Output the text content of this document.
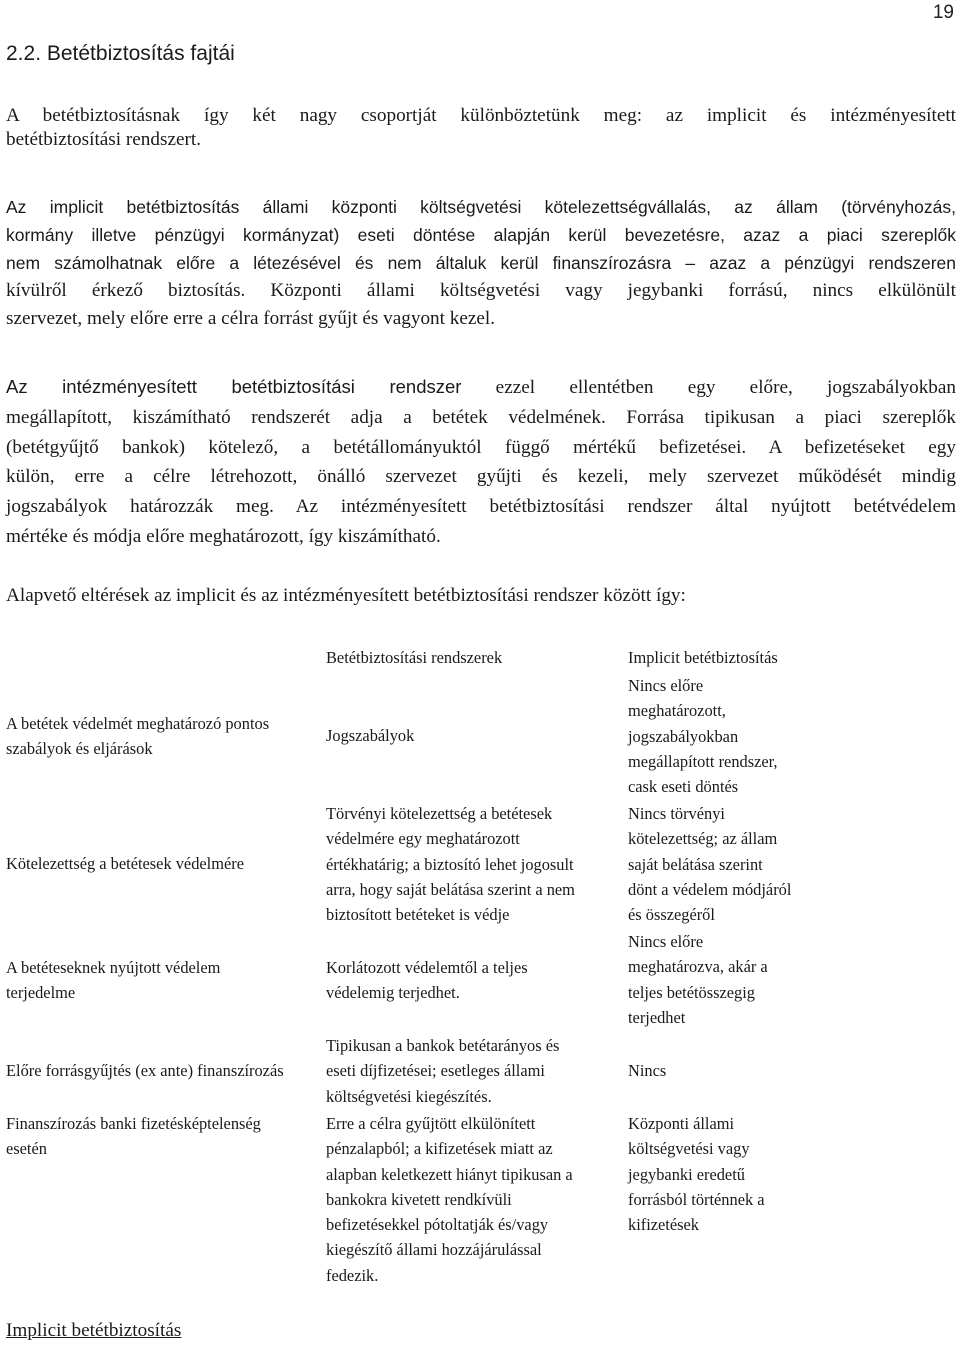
19
2.2. Betétbiztosítás fajtái
A betétbiztosításnak így két nagy csoportját különböztetünk meg: az implicit és intézményesített
betétbiztosítási rendszert.
Az implicit betétbiztosítás állami központi költségvetési kötelezettségvállalás, az állam (törvényhozás,
kormány illetve pénzügyi kormányzat) eseti döntése alapján kerül bevezetésre, azaz a piaci szereplők
nem számolhatnak előre a létezésével és nem általuk kerül finanszírozásra – azaz a pénzügyi rendszeren
kívülről érkező biztosítás. Központi állami költségvetési vagy jegybanki forrású, nincs elkülönült
szervezet, mely előre erre a célra forrást gyűjt és vagyont kezel.
Az intézményesített betétbiztosítási rendszer ezzel ellentétben egy előre, jogszabályokban
megállapított, kiszámítható rendszerét adja a betétek védelmének. Forrása tipikusan a piaci szereplők
(betétgyűjtő bankok) kötelező, a betétállományuktól függő mértékű befizetései. A befizetéseket egy
külön, erre a célre létrehozott, önálló szervezet gyűjti és kezeli, mely szervezet működését mindig
jogszabályok határozzák meg. Az intézményesített betétbiztosítási rendszer által nyújtott betétvédelem
mértéke és módja előre meghatározott, így kiszámítható.
Alapvető eltérések az implicit és az intézményesített betétbiztosítási rendszer között így:
Betétbiztosítási rendszerek	Implicit betétbiztosítás
A betétek védelmét meghatározó pontos
szabályok és eljárások
Jogszabályok
Nincs előre
meghatározott,
jogszabályokban
megállapított rendszer,
cask eseti döntés
Kötelezettség a betétesek védelmére
Törvényi kötelezettség a betétesek
védelmére egy meghatározott
értékhatárig; a biztosító lehet jogosult
arra, hogy saját belátása szerint a nem
biztosított betéteket is védje
Nincs törvényi
kötelezettség; az állam
saját belátása szerint
dönt a védelem módjáról
és összegéről
A betéteseknek nyújtott védelem
terjedelme
Korlátozott védelemtől a teljes
védelemig terjedhet.
Nincs előre
meghatározva, akár a
teljes betétösszegig
terjedhet
Előre forrásgyűjtés (ex ante) finanszírozás
Tipikusan a bankok betétarányos és
eseti díjfizetései; esetleges állami
költségvetési kiegészítés.
Nincs
Finanszírozás banki fizetésképtelenség
esetén
Erre a célra gyűjtött elkülönített
pénzalapból; a kifizetések miatt az
alapban keletkezett hiányt tipikusan a
bankokra kivetett rendkívüli
befizetésekkel pótoltatják és/vagy
kiegészítő állami hozzájárulással
fedezik.
Központi állami
költségvetési vagy
jegybanki eredetű
forrásból történnek a
kifizetések
Implicit betétbiztosítás
